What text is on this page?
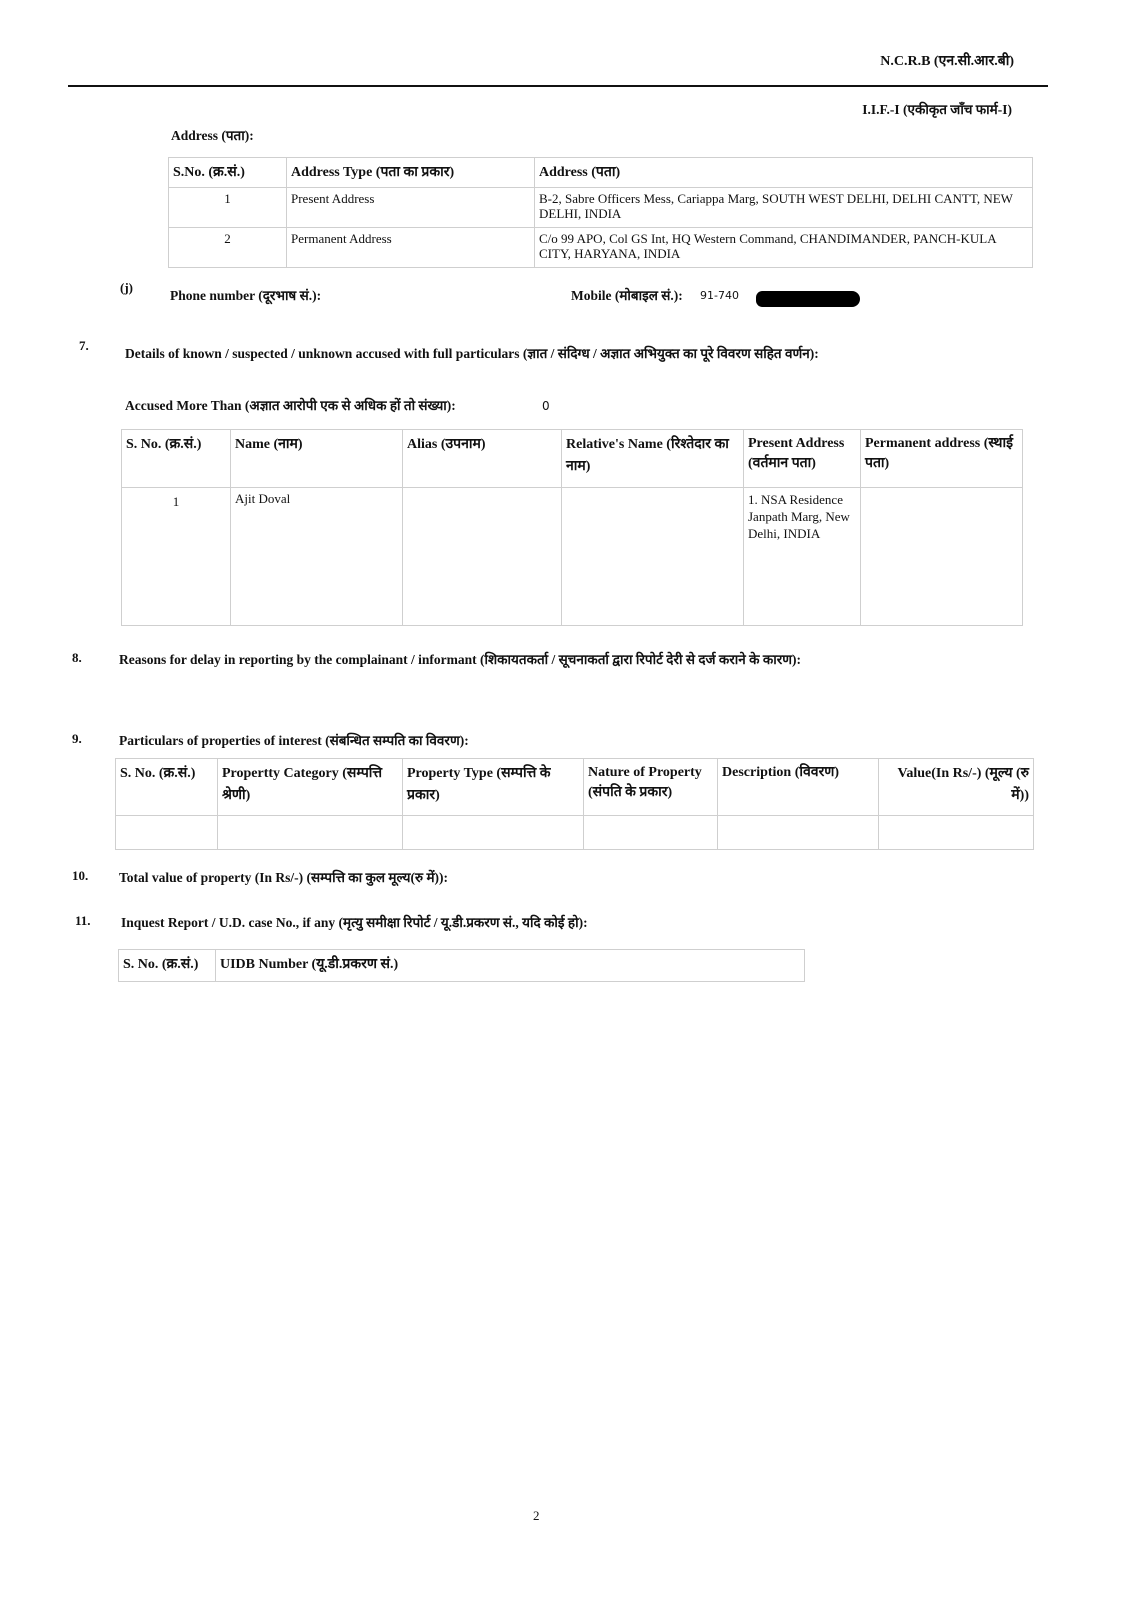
N.C.R.B (एन.सी.आर.बी)
I.I.F.-I (एकीकृत जाँच फार्म-I)
Address (पता):
S.No. (क्र.सं.)	Address Type (पता का प्रकार)	Address (पता)
1	Present Address	B-2, Sabre Officers Mess, Cariappa Marg, SOUTH WEST DELHI, DELHI CANTT, NEW DELHI, INDIA
2	Permanent Address	C/o 99 APO, Col GS Int, HQ Western Command, CHANDIMANDER, PANCH-KULA CITY, HARYANA, INDIA
(j)
Phone number (दूरभाष सं.):	Mobile (मोबाइल सं.): 91-740
7.
Details of known / suspected / unknown accused with full particulars (ज्ञात / संदिग्ध / अज्ञात अभियुक्त का पूरे विवरण सहित वर्णन):
Accused More Than (अज्ञात आरोपी एक से अधिक हों तो संख्या):	0
S. No. (क्र.सं.)	Name (नाम)	Alias (उपनाम)	Relative's Name (रिश्तेदार का नाम)	Present Address (वर्तमान पता)	Permanent address (स्थाई पता)
1	Ajit Doval			1. NSA Residence Janpath Marg, New Delhi, INDIA	
8.	Reasons for delay in reporting by the complainant / informant (शिकायतकर्ता / सूचनाकर्ता द्वारा रिपोर्ट देरी से दर्ज कराने के कारण):
9.	Particulars of properties of interest (संबन्धित सम्पति का विवरण):
S. No. (क्र.सं.)	Propertty Category (सम्पत्ति श्रेणी)	Property Type (सम्पत्ति के प्रकार)	Nature of Property (संपति के प्रकार)	Description (विवरण)	Value(In Rs/-) (मूल्य (रु में))

10. Total value of property (In Rs/-) (सम्पत्ति का कुल मूल्य(रु में)):
11. Inquest Report / U.D. case No., if any (मृत्यु समीक्षा रिपोर्ट / यू.डी.प्रकरण सं., यदि कोई हो):
S. No. (क्र.सं.)	UIDB Number (यू.डी.प्रकरण सं.)
2
